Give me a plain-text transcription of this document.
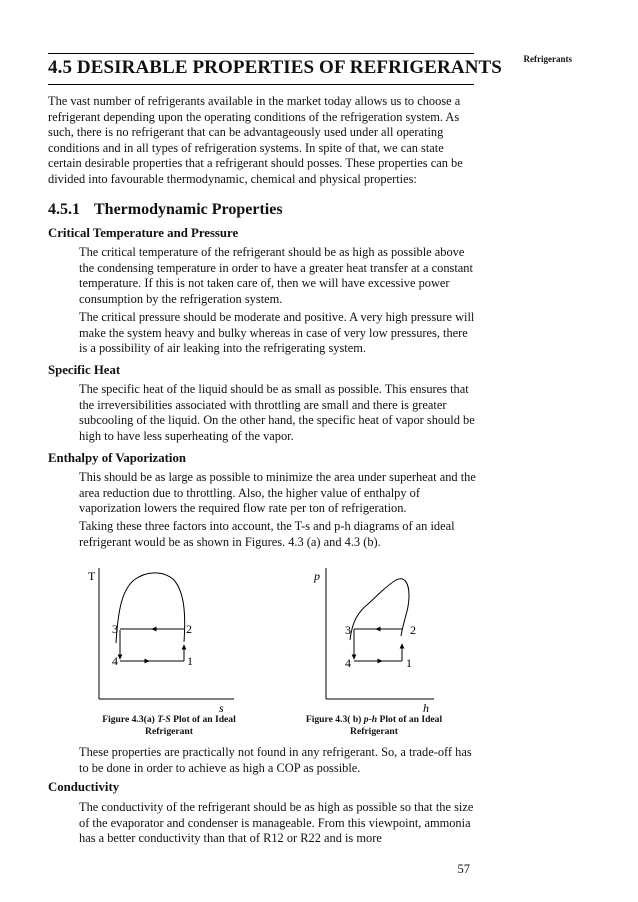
Refrigerants
4.5 DESIRABLE PROPERTIES OF REFRIGERANTS

The vast number of refrigerants available in the market today allows us to choose a refrigerant depending upon the operating conditions of the refrigeration system. As such, there is no refrigerant that can be advantageously used under all operating conditions and in all types of refrigeration systems. In spite of that, we can state certain desirable properties that a refrigerant should posses. These properties can be divided into favourable thermodynamic, chemical and physical properties:

4.5.1 Thermodynamic Properties

Critical Temperature and Pressure

The critical temperature of the refrigerant should be as high as possible above the condensing temperature in order to have a greater heat transfer at a constant temperature. If this is not taken care of, then we will have excessive power consumption by the refrigeration system.

The critical pressure should be moderate and positive. A very high pressure will make the system heavy and bulky whereas in case of very low pressures, there is a possibility of air leaking into the refrigerating system.

Specific Heat

The specific heat of the liquid should be as small as possible. This ensures that the irreversibilities associated with throttling are small and there is greater subcooling of the liquid. On the other hand, the specific heat of vapor should be high to have less superheating of the vapor.

Enthalpy of Vaporization

This should be as large as possible to minimize the area under superheat and the area reduction due to throttling. Also, the higher value of enthalpy of vaporization lowers the required flow rate per ton of refrigeration.

Taking these three factors into account, the T-s and p-h diagrams of an ideal refrigerant would be as shown in Figures. 4.3 (a) and 4.3 (b).

T
s
1
2
3
4
p
h
1
2
3
4
Figure 4.3(a) T-S Plot of an Ideal
Refrigerant
Figure 4.3( b) p-h Plot of an Ideal
Refrigerant

These properties are practically not found in any refrigerant. So, a trade-off has to be done in order to achieve as high a COP as possible.

Conductivity

The conductivity of the refrigerant should be as high as possible so that the size of the evaporator and condenser is manageable. From this viewpoint, ammonia has a better conductivity than that of R12 or R22 and is more

57
